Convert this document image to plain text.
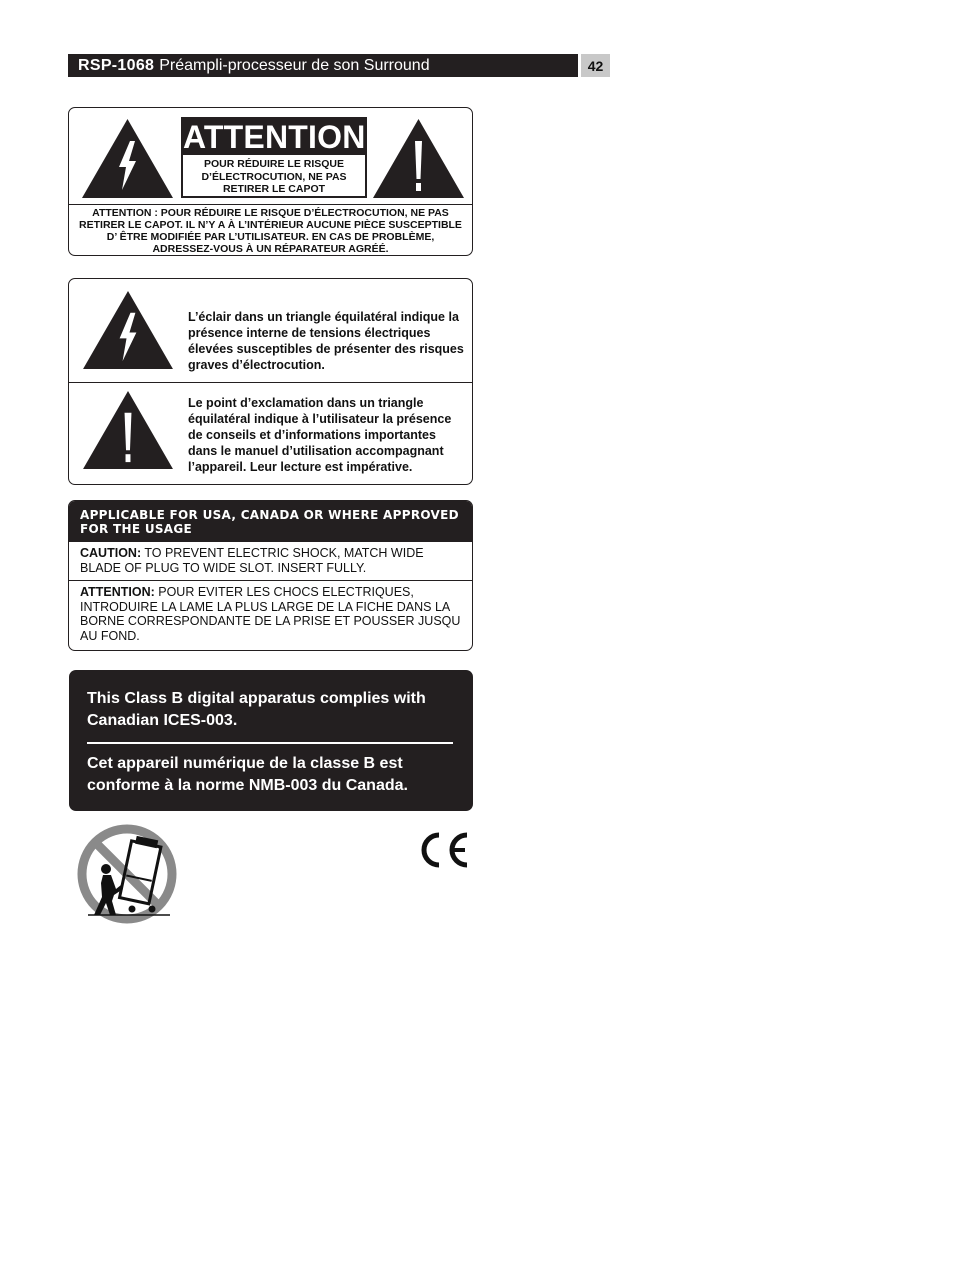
RSP-1068 Préampli-processeur de son Surround	42
ATTENTION
POUR RÉDUIRE LE RISQUE D’ÉLECTROCUTION, NE PAS RETIRER LE CAPOT
ATTENTION : POUR RÉDUIRE LE RISQUE D’ÉLECTROCUTION, NE PAS RETIRER LE CAPOT. IL N’Y A À L’INTÉRIEUR AUCUNE PIÈCE SUSCEPTIBLE D’ ÊTRE MODIFIÉE PAR L’UTILISATEUR. EN CAS DE PROBLÈME, ADRESSEZ-VOUS À UN RÉPARATEUR AGRÉÉ.
L’éclair dans un triangle équilatéral indique la présence interne de tensions électriques élevées susceptibles de présenter des risques graves d’électrocution.
Le point d’exclamation dans un triangle équilatéral indique à l’utilisateur la présence de conseils et d’informations importantes dans le manuel d’utilisation accompagnant l’appareil. Leur lecture est impérative.
APPLICABLE FOR USA, CANADA OR WHERE APPROVED FOR THE USAGE
CAUTION: TO PREVENT ELECTRIC SHOCK, MATCH WIDE BLADE OF PLUG TO WIDE SLOT. INSERT FULLY.
ATTENTION: POUR EVITER LES CHOCS ELECTRIQUES, INTRODUIRE LA LAME LA PLUS LARGE DE LA FICHE DANS LA BORNE CORRESPONDANTE DE LA PRISE ET POUSSER JUSQU AU FOND.
This Class B digital apparatus complies with Canadian ICES-003.
Cet appareil numérique de la classe B est conforme à la norme NMB-003 du Canada.
